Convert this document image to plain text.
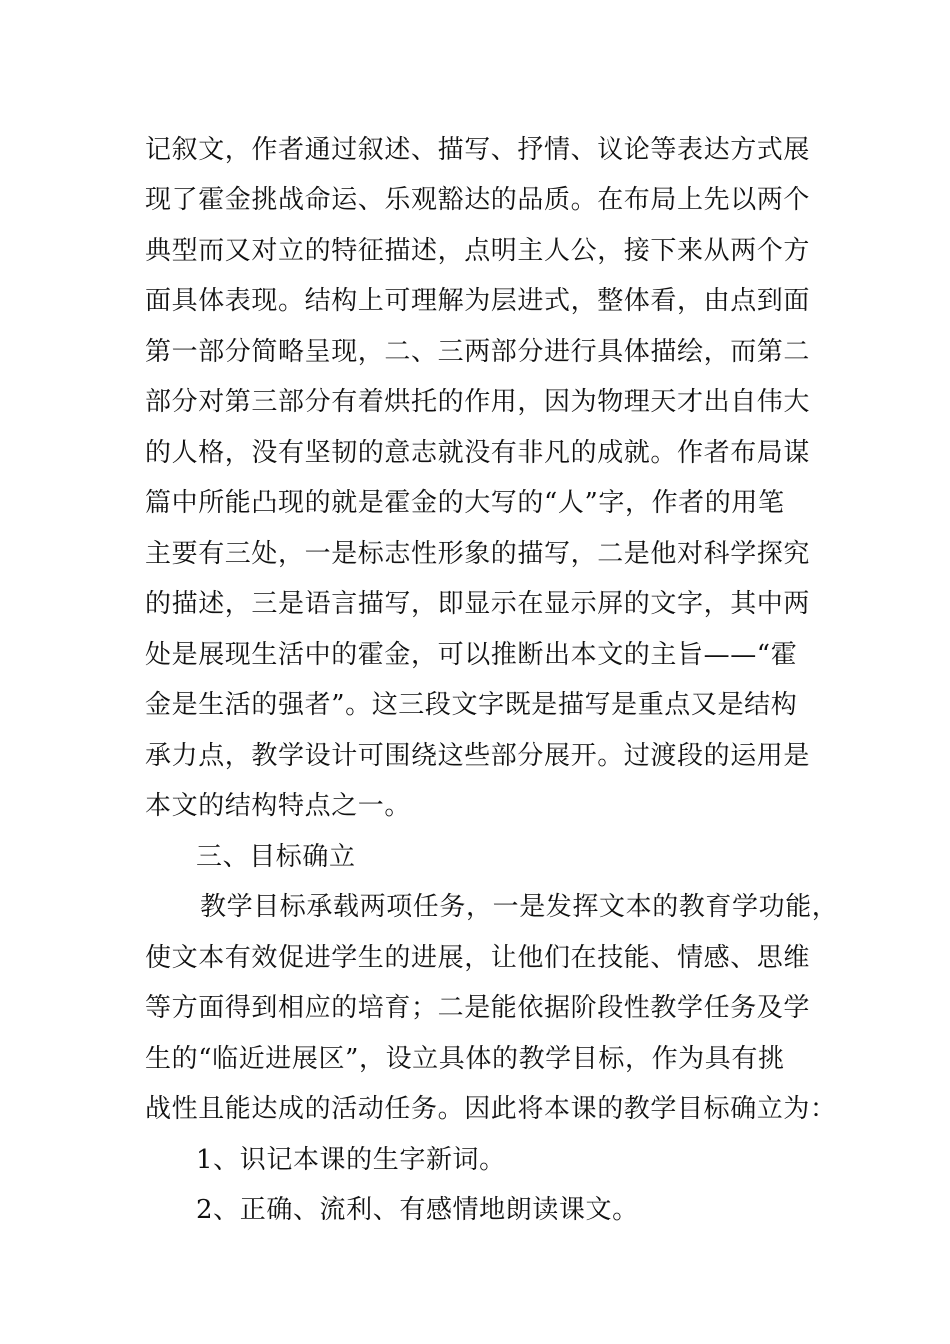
记叙文，作者通过叙述、描写、抒情、议论等表达方式展
现了霍金挑战命运、乐观豁达的品质。在布局上先以两个
典型而又对立的特征描述，点明主人公，接下来从两个方
面具体表现。结构上可理解为层进式，整体看，由点到面
第一部分简略呈现，二、三两部分进行具体描绘，而第二
部分对第三部分有着烘托的作用，因为物理天才出自伟大
的人格，没有坚韧的意志就没有非凡的成就。作者布局谋
篇中所能凸现的就是霍金的大写的“人”字，作者的用笔
主要有三处，一是标志性形象的描写，二是他对科学探究
的描述，三是语言描写，即显示在显示屏的文字，其中两
处是展现生活中的霍金，可以推断出本文的主旨——“霍
金是生活的强者”。这三段文字既是描写是重点又是结构
承力点，教学设计可围绕这些部分展开。过渡段的运用是
本文的结构特点之一。
三、目标确立
教学目标承载两项任务，一是发挥文本的教育学功能，
使文本有效促进学生的进展，让他们在技能、情感、思维
等方面得到相应的培育；二是能依据阶段性教学任务及学
生的“临近进展区”，设立具体的教学目标，作为具有挑
战性且能达成的活动任务。因此将本课的教学目标确立为：
1、识记本课的生字新词。
2、正确、流利、有感情地朗读课文。
